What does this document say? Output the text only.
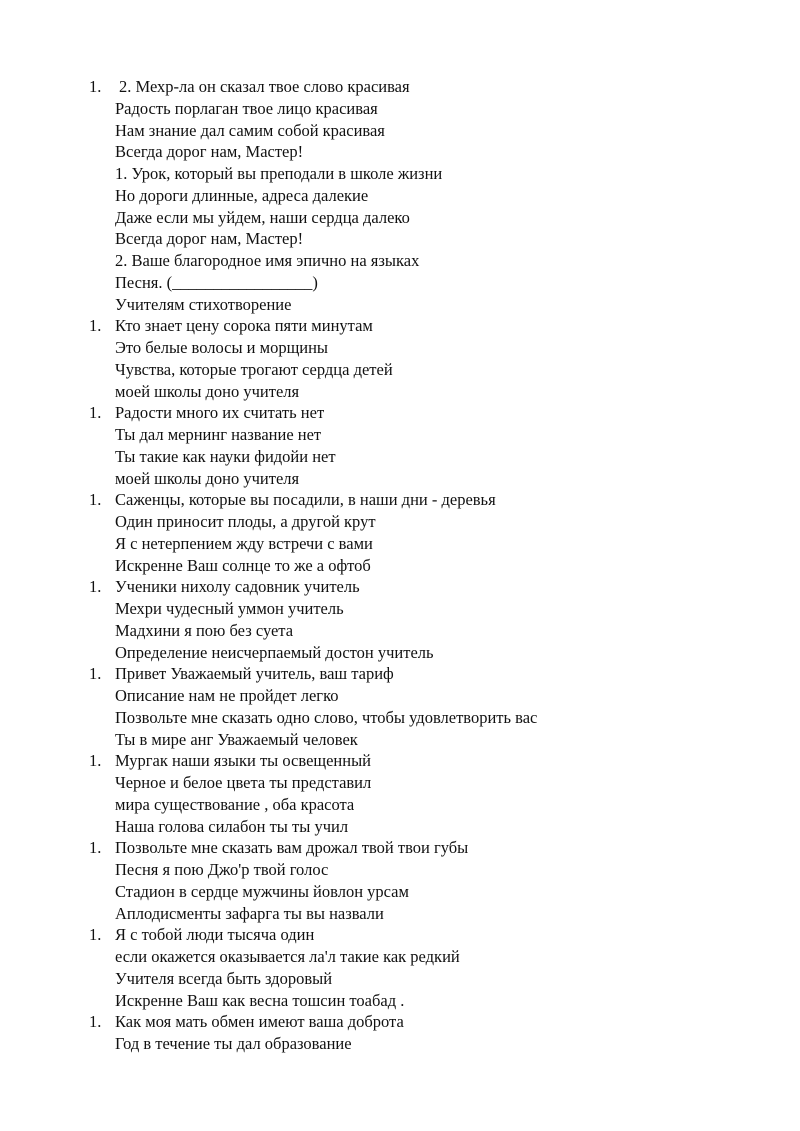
1. 2. Мехр-ла он сказал твое слово красивая
Радость порлаган твое лицо красивая
Нам знание дал самим собой красивая
Всегда дорог нам, Мастер!
1. Урок, который вы преподали в школе жизни
Но дороги длинные, адреса далекие
Даже если мы уйдем, наши сердца далеко
Всегда дорог нам, Мастер!
2. Ваше благородное имя эпично на языках
Песня. (_________________)
Учителям стихотворение
1. Кто знает цену сорока пяти минутам
Это белые волосы и морщины
Чувства, которые трогают сердца детей
моей школы доно учителя
1. Радости много их считать нет
Ты дал мернинг название нет
Ты такие как науки фидойи нет
моей школы доно учителя
1. Саженцы, которые вы посадили, в наши дни - деревья
Один приносит плоды, а другой крут
Я с нетерпением жду встречи с вами
Искренне Ваш солнце то же а офтоб
1. Ученики нихолу садовник учитель
Мехри чудесный уммон учитель
Мадхини я пою без суета
Определение неисчерпаемый достон учитель
1. Привет Уважаемый учитель, ваш тариф
Описание нам не пройдет легко
Позвольте мне сказать одно слово, чтобы удовлетворить вас
Ты в мире анг Уважаемый человек
1. Мургак наши языки ты освещенный
Черное и белое цвета ты представил
мира существование , оба красота
Наша голова силабон ты ты учил
1. Позвольте мне сказать вам дрожал твой твои губы
Песня я пою Джо'р твой голос
Стадион в сердце мужчины йовлон урсам
Аплодисменты зафарга ты вы назвали
1. Я с тобой люди тысяча один
если окажется оказывается ла'л такие как редкий
Учителя всегда быть здоровый
Искренне Ваш как весна тошсин тоабад .
1. Как моя мать обмен имеют ваша доброта
Год в течение ты дал образование
